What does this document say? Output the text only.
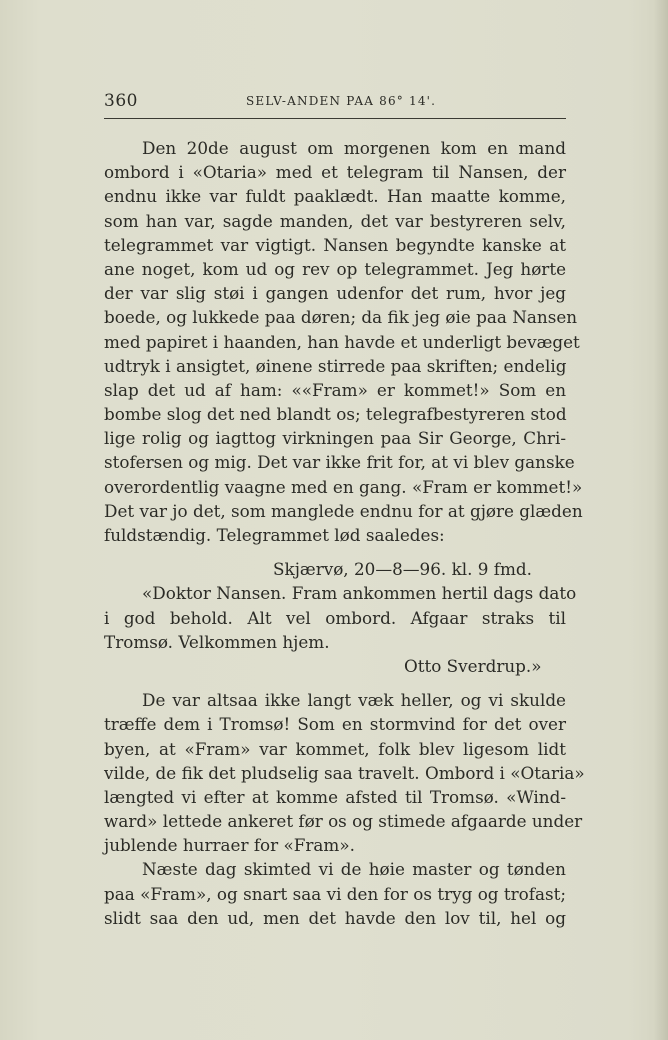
360	SELV-ANDEN PAA 86° 14'.
Den 20de august om morgenen kom en mand
ombord i «Otaria» med et telegram til Nansen, der
endnu ikke var fuldt paaklædt. Han maatte komme,
som han var, sagde manden, det var bestyreren selv,
telegrammet var vigtigt. Nansen begyndte kanske at
ane noget, kom ud og rev op telegrammet. Jeg hørte
der var slig støi i gangen udenfor det rum, hvor jeg
boede, og lukkede paa døren; da fik jeg øie paa Nansen
med papiret i haanden, han havde et underligt bevæget
udtryk i ansigtet, øinene stirrede paa skriften; endelig
slap det ud af ham: ««Fram» er kommet!» Som en
bombe slog det ned blandt os; telegrafbestyreren stod
lige rolig og iagttog virkningen paa Sir George, Chri-
stofersen og mig. Det var ikke frit for, at vi blev ganske
overordentlig vaagne med en gang. «Fram er kommet!»
Det var jo det, som manglede endnu for at gjøre glæden
fuldstændig. Telegrammet lød saaledes:
Skjærvø, 20—8—96. kl. 9 fmd.
«Doktor Nansen. Fram ankommen hertil dags dato
i god behold. Alt vel ombord. Afgaar straks til
Tromsø. Velkommen hjem.
Otto Sverdrup.»
De var altsaa ikke langt væk heller, og vi skulde
træffe dem i Tromsø! Som en stormvind for det over
byen, at «Fram» var kommet, folk blev ligesom lidt
vilde, de fik det pludselig saa travelt. Ombord i «Otaria»
længted vi efter at komme afsted til Tromsø. «Wind-
ward» lettede ankeret før os og stimede afgaarde under
jublende hurraer for «Fram».
Næste dag skimted vi de høie master og tønden
paa «Fram», og snart saa vi den for os tryg og trofast;
slidt saa den ud, men det havde den lov til, hel og
